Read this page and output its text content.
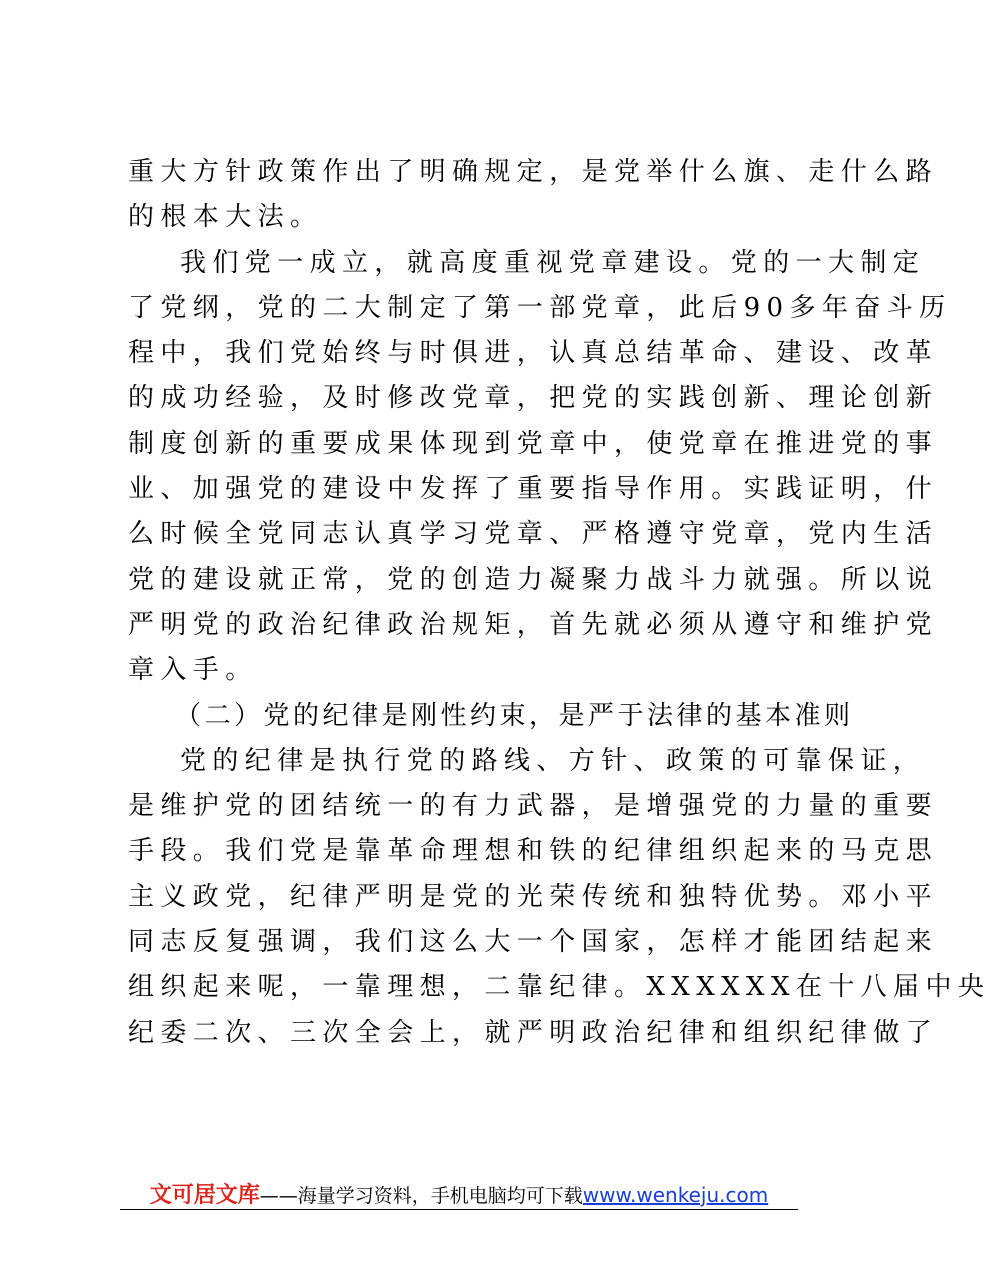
重大方针政策作出了明确规定，是党举什么旗、走什么路
的根本大法。
我们党一成立，就高度重视党章建设。党的一大制定
了党纲，党的二大制定了第一部党章，此后90多年奋斗历
程中，我们党始终与时俱进，认真总结革命、建设、改革
的成功经验，及时修改党章，把党的实践创新、理论创新
制度创新的重要成果体现到党章中，使党章在推进党的事
业、加强党的建设中发挥了重要指导作用。实践证明，什
么时候全党同志认真学习党章、严格遵守党章，党内生活
党的建设就正常，党的创造力凝聚力战斗力就强。所以说
严明党的政治纪律政治规矩，首先就必须从遵守和维护党
章入手。
（二）党的纪律是刚性约束，是严于法律的基本准则
党的纪律是执行党的路线、方针、政策的可靠保证，
是维护党的团结统一的有力武器，是增强党的力量的重要
手段。我们党是靠革命理想和铁的纪律组织起来的马克思
主义政党，纪律严明是党的光荣传统和独特优势。邓小平
同志反复强调，我们这么大一个国家，怎样才能团结起来
组织起来呢，一靠理想，二靠纪律。XXXXXX在十八届中央
纪委二次、三次全会上，就严明政治纪律和组织纪律做了
文可居文库——海量学习资料，手机电脑均可下载www.wenkeju.com
